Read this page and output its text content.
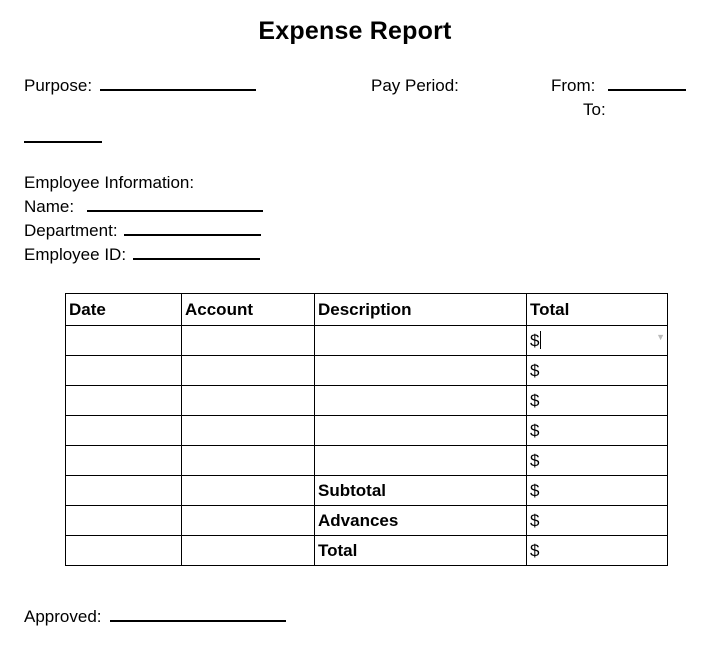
Expense Report
Purpose:	Pay Period:	From:
To:
Employee Information:
Name:
Department:
Employee ID:
Date	Account	Description	Total
			$ ▼

			$
			$
			$
			$
		Subtotal	$
		Advances	$
		Total	$
Approved:
